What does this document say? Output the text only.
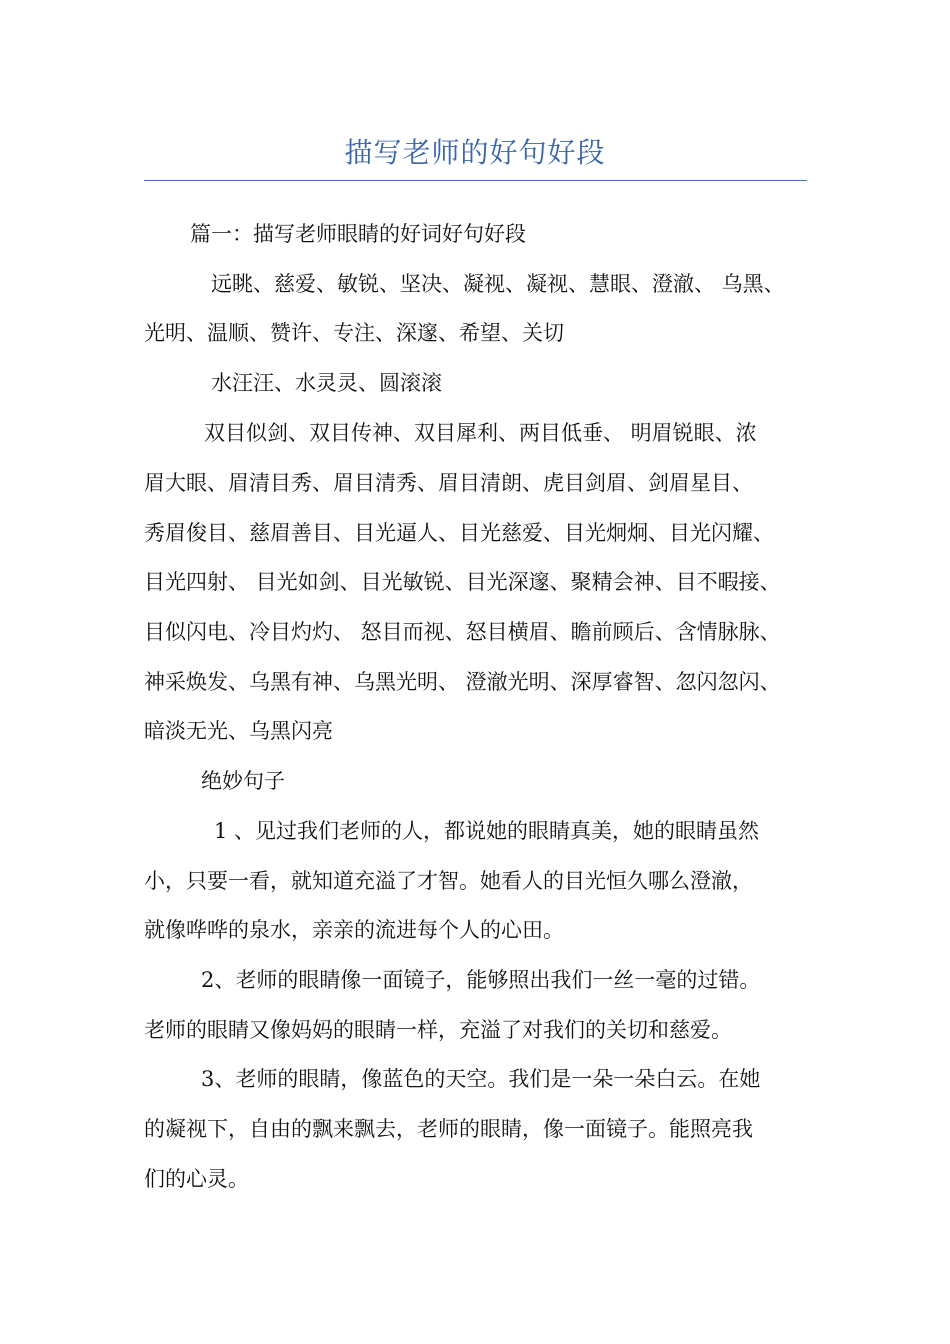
描写老师的好句好段
篇一：描写老师眼睛的好词好句好段
远眺、慈爱、敏锐、坚决、凝视、凝视、慧眼、澄澈、 乌黑、
光明、温顺、赞许、专注、深邃、希望、关切
水汪汪、水灵灵、圆滚滚
双目似剑、双目传神、双目犀利、两目低垂、 明眉锐眼、浓
眉大眼、眉清目秀、眉目清秀、眉目清朗、虎目剑眉、剑眉星目、
秀眉俊目、慈眉善目、目光逼人、目光慈爱、目光炯炯、目光闪耀、
目光四射、 目光如剑、目光敏锐、目光深邃、聚精会神、目不暇接、
目似闪电、冷目灼灼、 怒目而视、怒目横眉、瞻前顾后、含情脉脉、
神采焕发、乌黑有神、乌黑光明、 澄澈光明、深厚睿智、忽闪忽闪、
暗淡无光、乌黑闪亮
绝妙句子
1 、见过我们老师的人，都说她的眼睛真美，她的眼睛虽然
小，只要一看，就知道充溢了才智。她看人的目光恒久哪么澄澈，
就像哗哗的泉水，亲亲的流进每个人的心田。
2、老师的眼睛像一面镜子，能够照出我们一丝一毫的过错。
老师的眼睛又像妈妈的眼睛一样，充溢了对我们的关切和慈爱。
3、老师的眼睛，像蓝色的天空。我们是一朵一朵白云。在她
的凝视下，自由的飘来飘去，老师的眼睛，像一面镜子。能照亮我
们的心灵。
